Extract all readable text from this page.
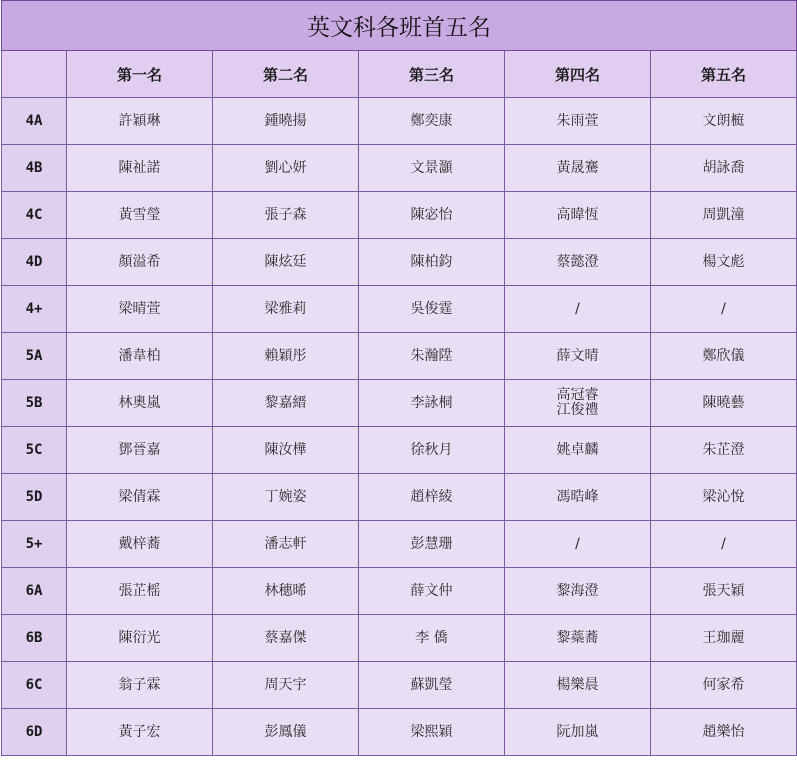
英文科各班首五名					
	第一名	第二名	第三名	第四名	第五名
4A	許穎琳	鍾曉揚	鄭奕康	朱雨萱	文朗榳

4B	陳祉諾	劉心妍	文景灝	黃晟騫	胡詠喬

4C	黃雪瑩	張子森	陳宓怡	高暐恆	周凱潼

4D	顏溢希	陳炫廷	陳柏鈞	蔡懿澄	楊文彪

4+	梁晴萱	梁雅莉	吳俊霆	/	/

5A	潘韋柏	賴穎彤	朱瀚陞	薛文晴	鄭欣儀

5B	林奧嵐	黎嘉縉	李詠桐	高冠睿
江俊禮	陳曉藝

5C	鄧晉嘉	陳汝樺	徐秋月	姚卓麟	朱芷澄

5D	梁倩霖	丁婉姿	趙梓綾	馮晧峰	梁沁悅

5+	戴梓蕎	潘志軒	彭慧珊	/	/

6A	張芷榣	林穗晞	薛文仲	黎海澄	張天穎

6B	陳衍光	蔡嘉傑	李 僑	黎蘂蕎	王珈麗

6C	翁子霖	周天宇	蘇凱瑩	楊樂晨	何家希

6D	黃子宏	彭鳳儀	梁熙穎	阮加嵐	趙樂怡
